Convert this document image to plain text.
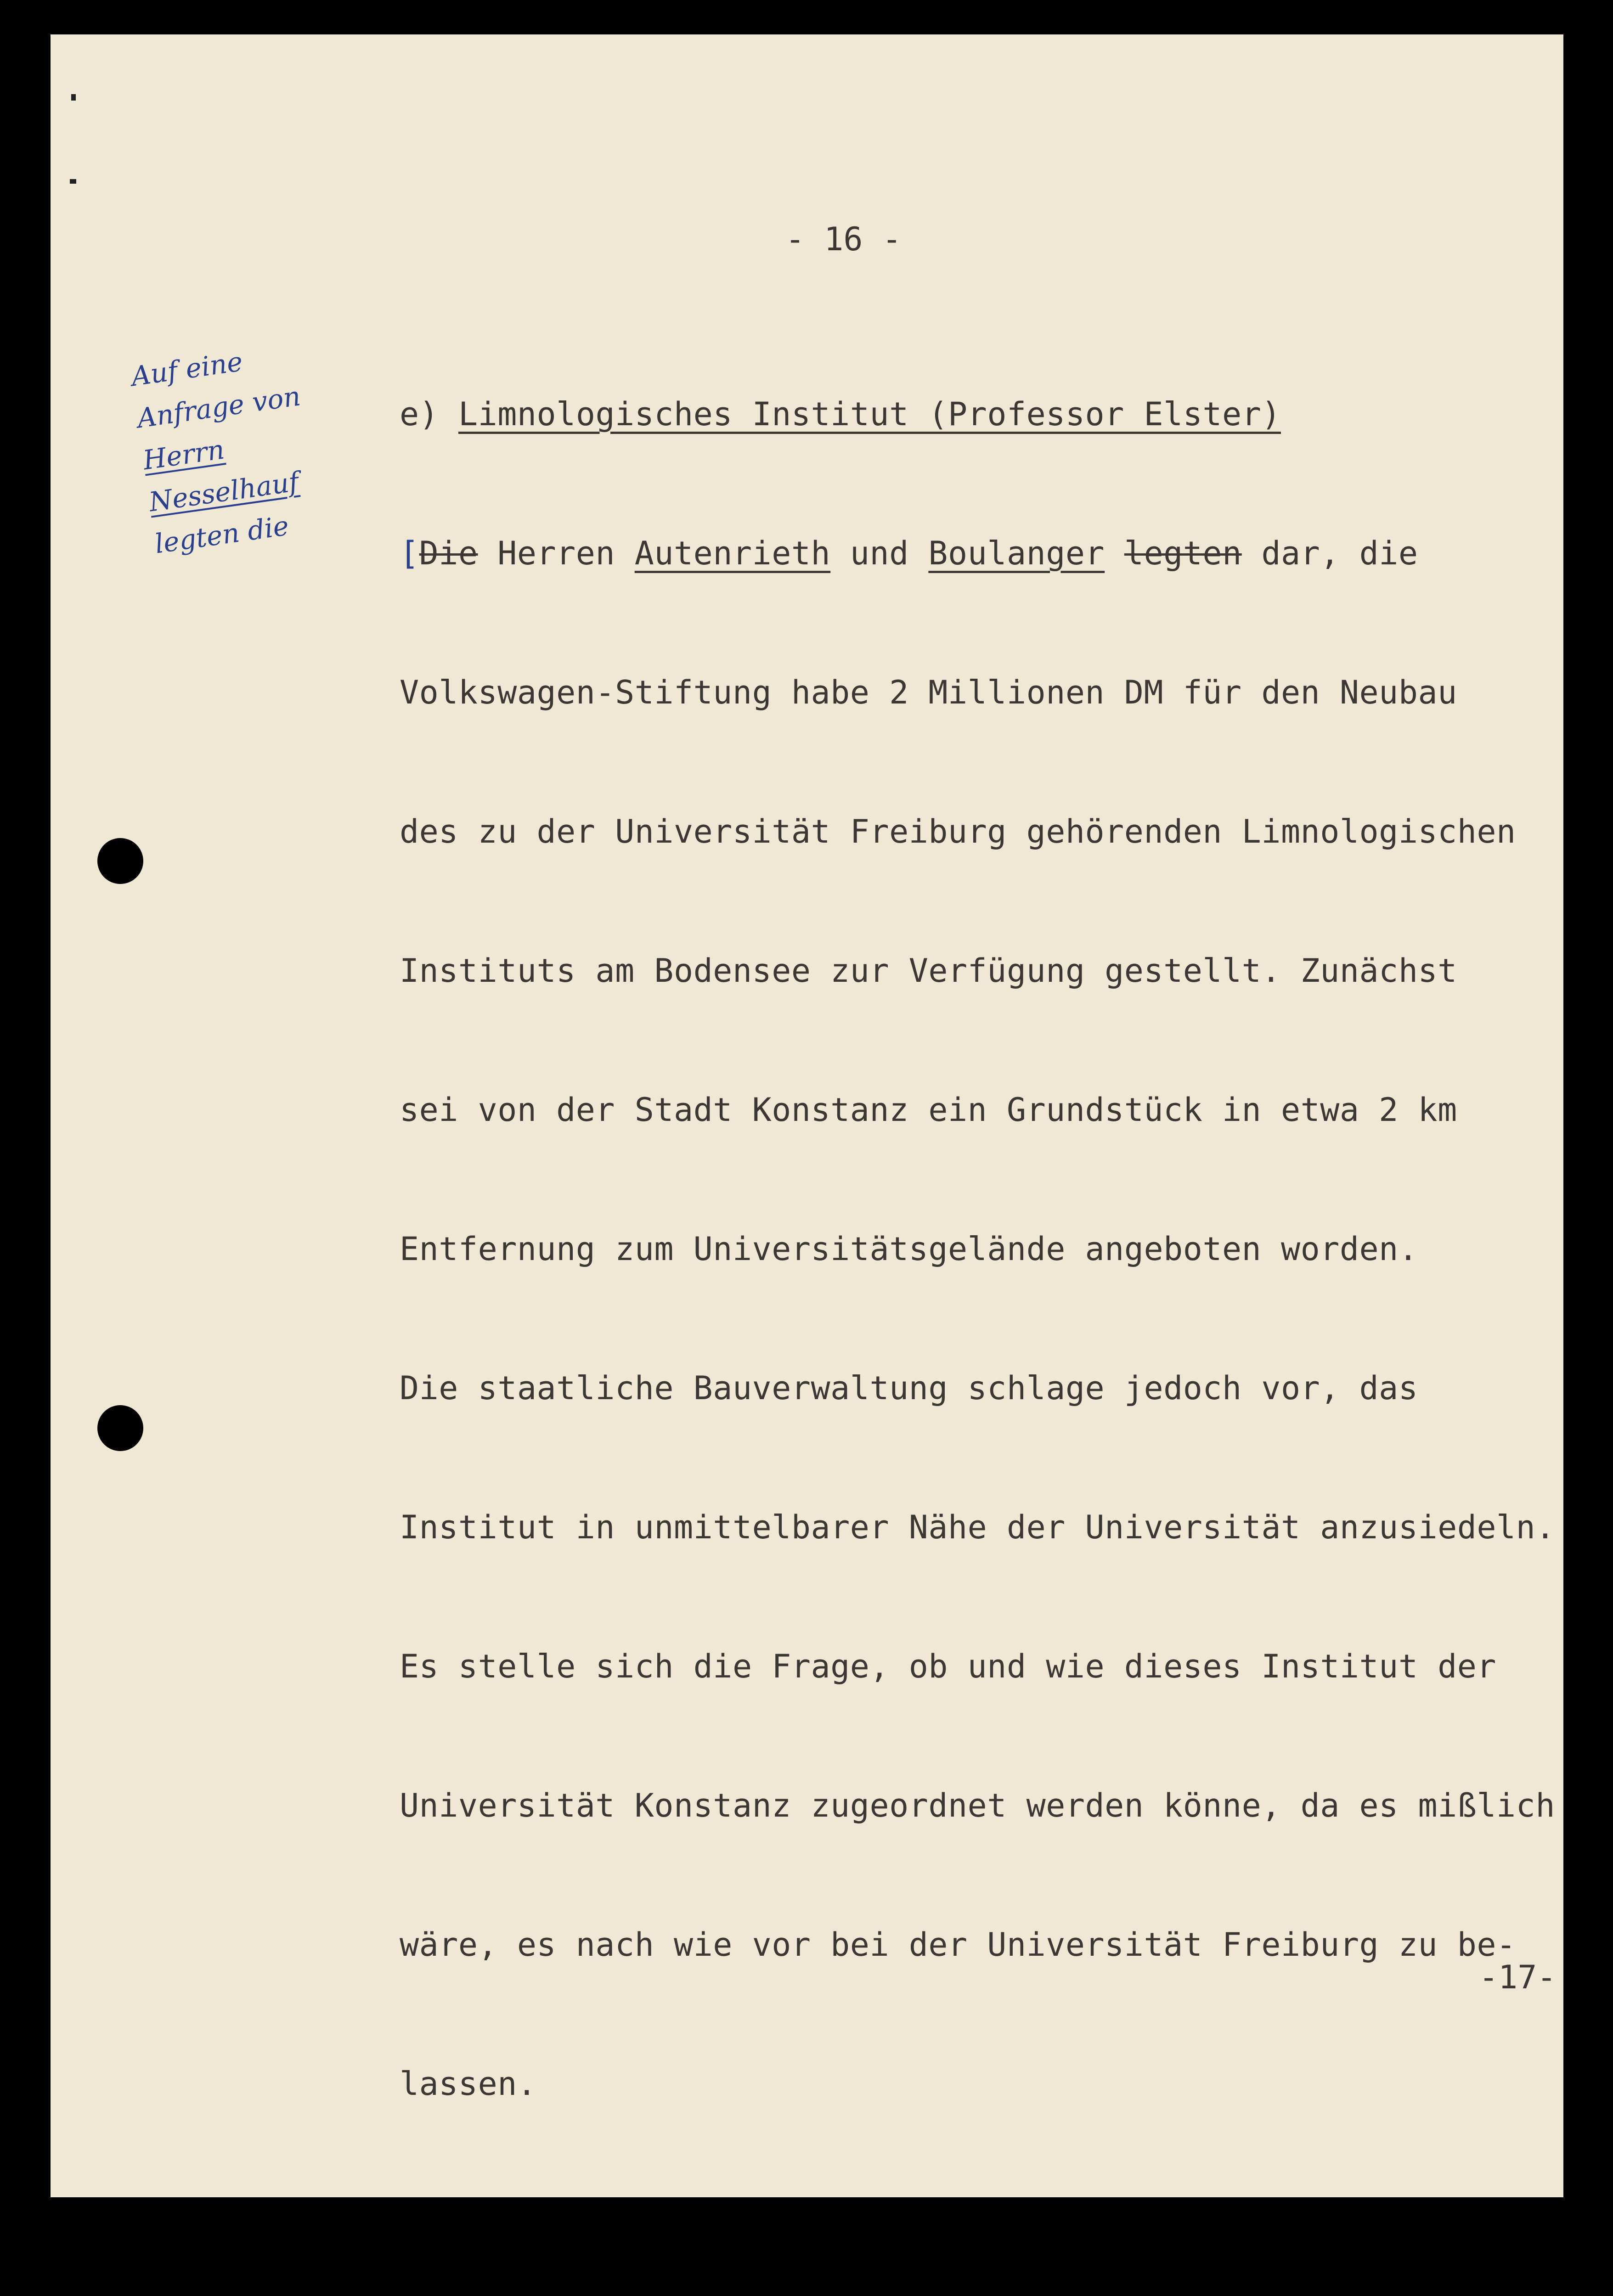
- 16 -
Auf eine
Anfrage von
Herrn Nesselhauf
legten die

e) Limnologisches Institut (Professor Elster)

[Die Herren Autenrieth und Boulanger legten dar, die

Volkswagen-Stiftung habe 2 Millionen DM für den Neubau

des zu der Universität Freiburg gehörenden Limnologischen

Instituts am Bodensee zur Verfügung gestellt. Zunächst

sei von der Stadt Konstanz ein Grundstück in etwa 2 km

Entfernung zum Universitätsgelände angeboten worden.

Die staatliche Bauverwaltung schlage jedoch vor, das

Institut in unmittelbarer Nähe der Universität anzusiedeln.

Es stelle sich die Frage, ob und wie dieses Institut der

Universität Konstanz zugeordnet werden könne, da es mißlich

wäre, es nach wie vor bei der Universität Freiburg zu be-

lassen.

-17-
